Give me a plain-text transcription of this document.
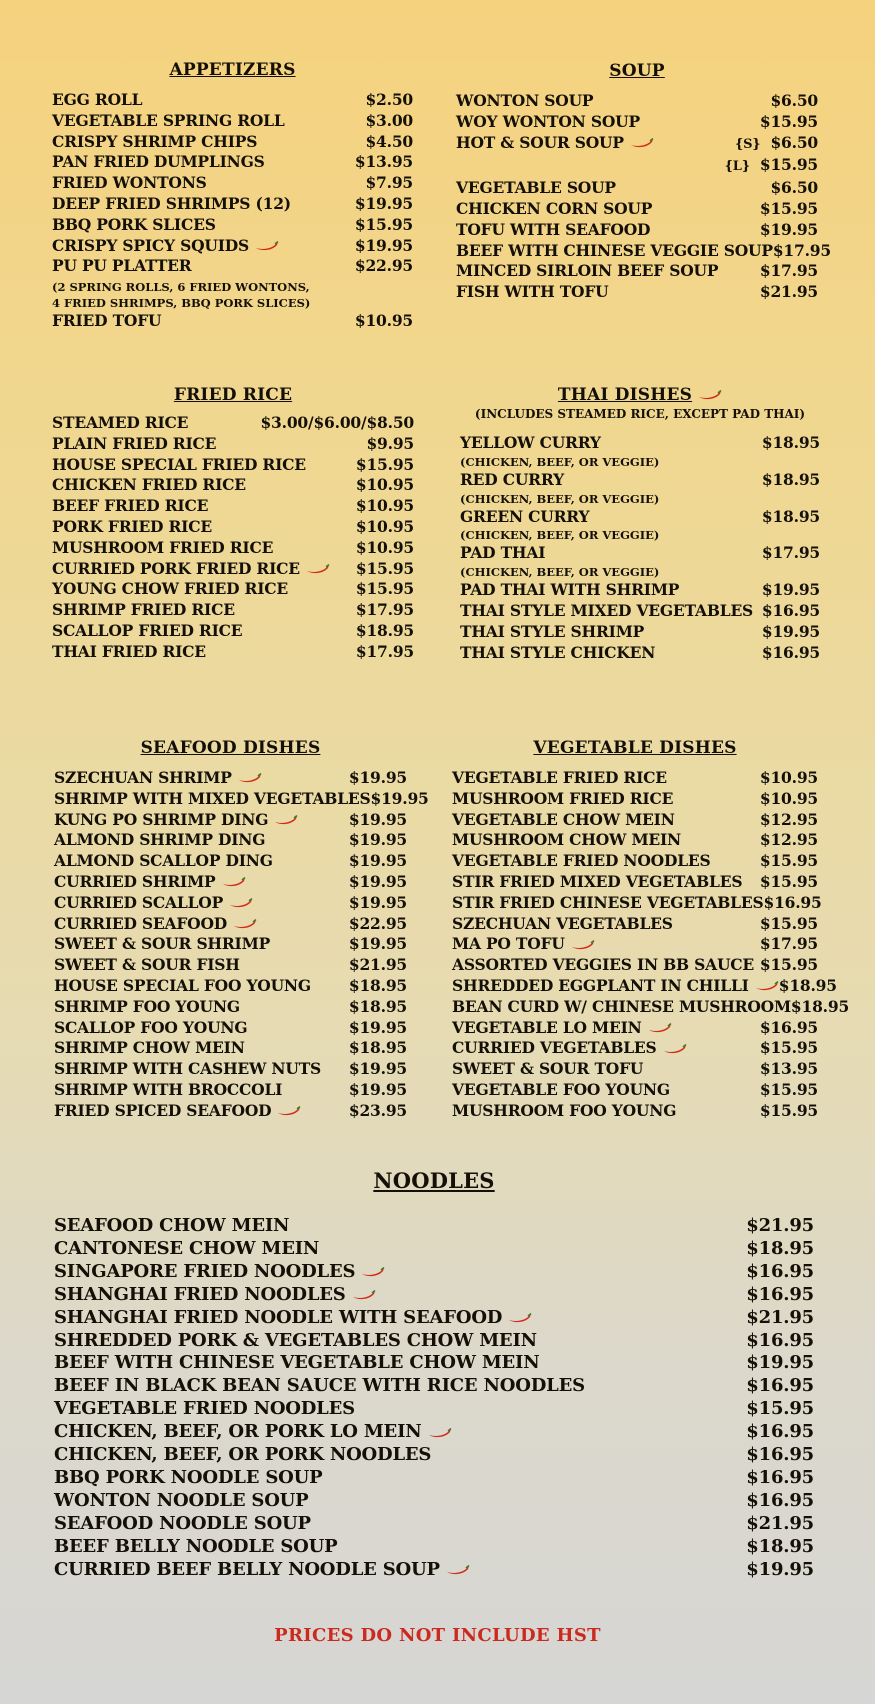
APPETIZERS
EGG ROLL	$2.50
VEGETABLE SPRING ROLL	$3.00
CRISPY SHRIMP CHIPS	$4.50
PAN FRIED DUMPLINGS	$13.95
FRIED WONTONS	$7.95
DEEP FRIED SHRIMPS (12)	$19.95
BBQ PORK SLICES	$15.95
CRISPY SPICY SQUIDS	$19.95
PU PU PLATTER	$22.95
(2 SPRING ROLLS, 6 FRIED WONTONS,
4 FRIED SHRIMPS, BBQ PORK SLICES)
FRIED TOFU	$10.95
SOUP
WONTON SOUP	$6.50
WOY WONTON SOUP	$15.95
HOT & SOUR SOUP	{S} $6.50
{L} $15.95
VEGETABLE SOUP	$6.50
CHICKEN CORN SOUP	$15.95
TOFU WITH SEAFOOD	$19.95
BEEF WITH CHINESE VEGGIE SOUP $17.95
MINCED SIRLOIN BEEF SOUP	$17.95
FISH WITH TOFU	$21.95
FRIED RICE
STEAMED RICE	$3.00/$6.00/$8.50
PLAIN FRIED RICE	$9.95
HOUSE SPECIAL FRIED RICE	$15.95
CHICKEN FRIED RICE	$10.95
BEEF FRIED RICE	$10.95
PORK FRIED RICE	$10.95
MUSHROOM FRIED RICE	$10.95
CURRIED PORK FRIED RICE	$15.95
YOUNG CHOW FRIED RICE	$15.95
SHRIMP FRIED RICE	$17.95
SCALLOP FRIED RICE	$18.95
THAI FRIED RICE	$17.95
THAI DISHES
(INCLUDES STEAMED RICE, EXCEPT PAD THAI)
YELLOW CURRY	$18.95
(CHICKEN, BEEF, OR VEGGIE)
RED CURRY	$18.95
(CHICKEN, BEEF, OR VEGGIE)
GREEN CURRY	$18.95
(CHICKEN, BEEF, OR VEGGIE)
PAD THAI	$17.95
(CHICKEN, BEEF, OR VEGGIE)
PAD THAI WITH SHRIMP	$19.95
THAI STYLE MIXED VEGETABLES $16.95
THAI STYLE SHRIMP	$19.95
THAI STYLE CHICKEN	$16.95
SEAFOOD DISHES
SZECHUAN SHRIMP	$19.95
SHRIMP WITH MIXED VEGETABLES $19.95
KUNG PO SHRIMP DING	$19.95
ALMOND SHRIMP DING	$19.95
ALMOND SCALLOP DING	$19.95
CURRIED SHRIMP	$19.95
CURRIED SCALLOP	$19.95
CURRIED SEAFOOD	$22.95
SWEET & SOUR SHRIMP	$19.95
SWEET & SOUR FISH	$21.95
HOUSE SPECIAL FOO YOUNG $18.95
SHRIMP FOO YOUNG	$18.95
SCALLOP FOO YOUNG	$19.95
SHRIMP CHOW MEIN	$18.95
SHRIMP WITH CASHEW NUTS $19.95
SHRIMP WITH BROCCOLI	$19.95
FRIED SPICED SEAFOOD	$23.95
VEGETABLE DISHES
VEGETABLE FRIED RICE	$10.95
MUSHROOM FRIED RICE	$10.95
VEGETABLE CHOW MEIN	$12.95
MUSHROOM CHOW MEIN	$12.95
VEGETABLE FRIED NOODLES	$15.95
STIR FRIED MIXED VEGETABLES $15.95
STIR FRIED CHINESE VEGETABLES $16.95
SZECHUAN VEGETABLES	$15.95
MA PO TOFU	$17.95
ASSORTED VEGGIES IN BB SAUCE $15.95
SHREDDED EGGPLANT IN CHILLI $18.95
BEAN CURD W/ CHINESE MUSHROOM $18.95
VEGETABLE LO MEIN	$16.95
CURRIED VEGETABLES	$15.95
SWEET & SOUR TOFU	$13.95
VEGETABLE FOO YOUNG	$15.95
MUSHROOM FOO YOUNG	$15.95
NOODLES
SEAFOOD CHOW MEIN	$21.95
CANTONESE CHOW MEIN	$18.95
SINGAPORE FRIED NOODLES	$16.95
SHANGHAI FRIED NOODLES	$16.95
SHANGHAI FRIED NOODLE WITH SEAFOOD	$21.95
SHREDDED PORK & VEGETABLES CHOW MEIN	$16.95
BEEF WITH CHINESE VEGETABLE CHOW MEIN	$19.95
BEEF IN BLACK BEAN SAUCE WITH RICE NOODLES	$16.95
VEGETABLE FRIED NOODLES	$15.95
CHICKEN, BEEF, OR PORK LO MEIN	$16.95
CHICKEN, BEEF, OR PORK NOODLES	$16.95
BBQ PORK NOODLE SOUP	$16.95
WONTON NOODLE SOUP	$16.95
SEAFOOD NOODLE SOUP	$21.95
BEEF BELLY NOODLE SOUP	$18.95
CURRIED BEEF BELLY NOODLE SOUP	$19.95
PRICES DO NOT INCLUDE HST
